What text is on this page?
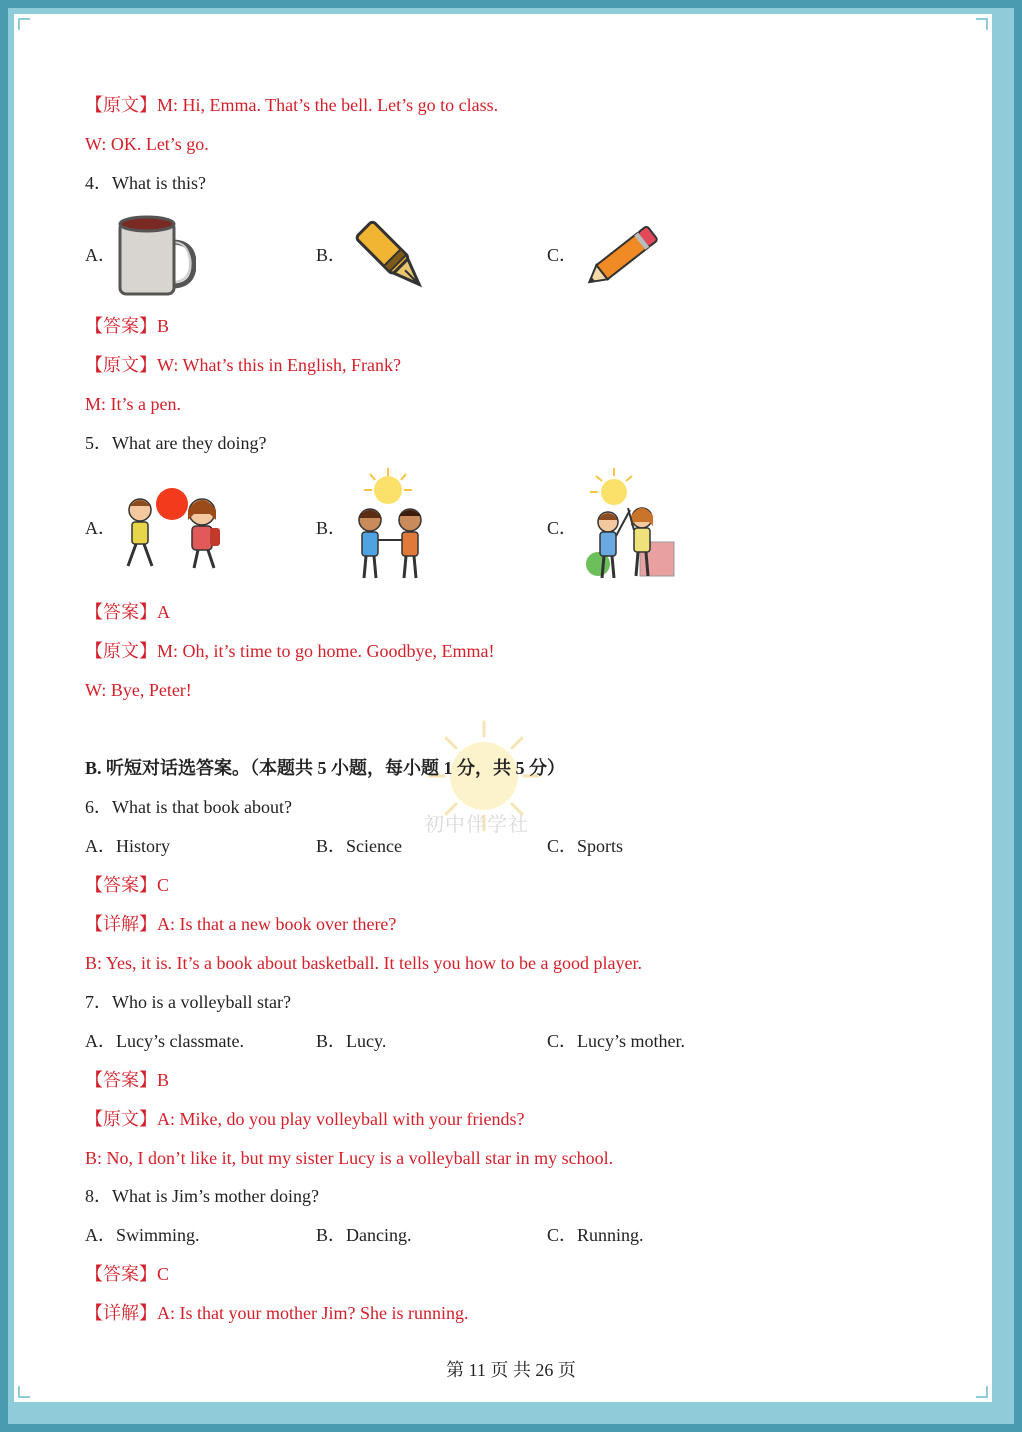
初中伴学社
【原文】M: Hi, Emma. That’s the bell. Let’s go to class.
W: OK. Let’s go.
4．What is this?
A．	B．	C．
【答案】B
【原文】W: What’s this in English, Frank?
M: It’s a pen.
5．What are they doing?
A．	B．	C．
【答案】A
【原文】M: Oh, it’s time to go home. Goodbye, Emma!
W: Bye, Peter!
B. 听短对话选答案。（本题共 5 小题，每小题 1 分，共 5 分）
6．What is that book about?
A．History	B．Science	C．Sports
【答案】C
【详解】A: Is that a new book over there?
B: Yes, it is. It’s a book about basketball. It tells you how to be a good player.
7．Who is a volleyball star?
A．Lucy’s classmate.	B．Lucy.	C．Lucy’s mother.
【答案】B
【原文】A: Mike, do you play volleyball with your friends?
B: No, I don’t like it, but my sister Lucy is a volleyball star in my school.
8．What is Jim’s mother doing?
A．Swimming.	B．Dancing.	C．Running.
【答案】C
【详解】A: Is that your mother Jim? She is running.
第 11 页 共 26 页
